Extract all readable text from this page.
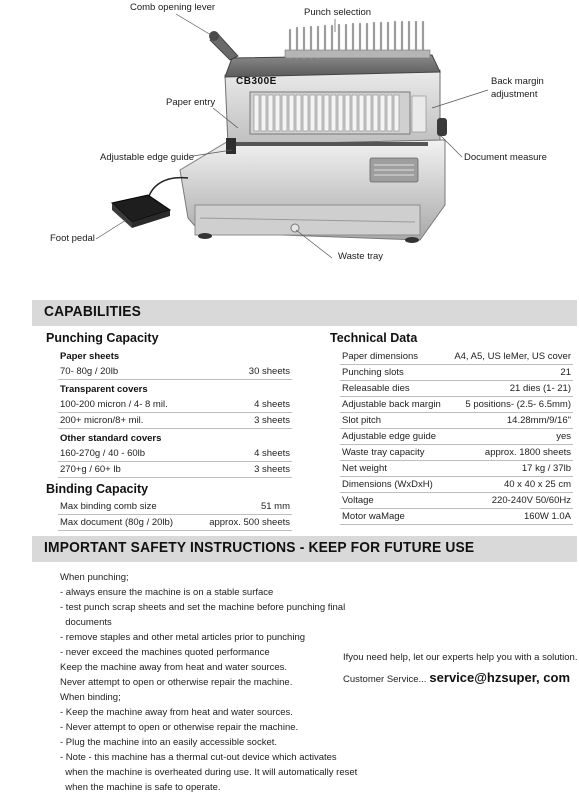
CB300E
Comb opening lever	Punch selection
Back margin
adjustment
Paper entry
Adjustable edge guide	Document measure
Foot pedal
Waste tray
CAPABILITIES
Punching Capacity
Paper sheets
70- 80g / 20lb	30 sheets
Transparent covers
100-200 micron / 4- 8 mil.	4 sheets
200+ micron/8+ mil.	3 sheets
Other standard covers
160-270g / 40 - 60lb	4 sheets
270+g / 60+ lb	3 sheets
Binding Capacity
Max binding comb size	51 mm
Max document (80g / 20lb)	approx. 500 sheets
Technical Data
Paper dimensions	A4, A5, US leMer, US cover
Punching slots	21
Releasable dies	21 dies (1- 21)
Adjustable back margin	5 positions- (2.5- 6.5mm)
Slot pitch	14.28mm/9/16"
Adjustable edge guide	yes
Waste tray capacity	approx. 1800 sheets
Net weight	17 kg / 37lb
Dimensions (WxDxH)	40 x 40 x 25 cm
Voltage	220-240V 50/60Hz
Motor waMage	160W 1.0A
IMPORTANT SAFETY INSTRUCTIONS - KEEP FOR FUTURE USE
When punching;
- always ensure the machine is on a stable surface
- test punch scrap sheets and set the machine before punching final
documents
- remove staples and other metal articles prior to punching
- never exceed the machines quoted performance
Keep the machine away from heat and water sources.
Never attempt to open or otherwise repair the machine.
When binding;
- Keep the machine away from heat and water sources.
- Never attempt to open or otherwise repair the machine.
- Plug the machine into an easily accessible socket.
- Note - this machine has a thermal cut-out device which activates
when the machine is overheated during use. It will automatically reset
when the machine is safe to operate.
Ifyou need help, let our experts help you with a solution.
Customer Service... service@hzsuper, com
